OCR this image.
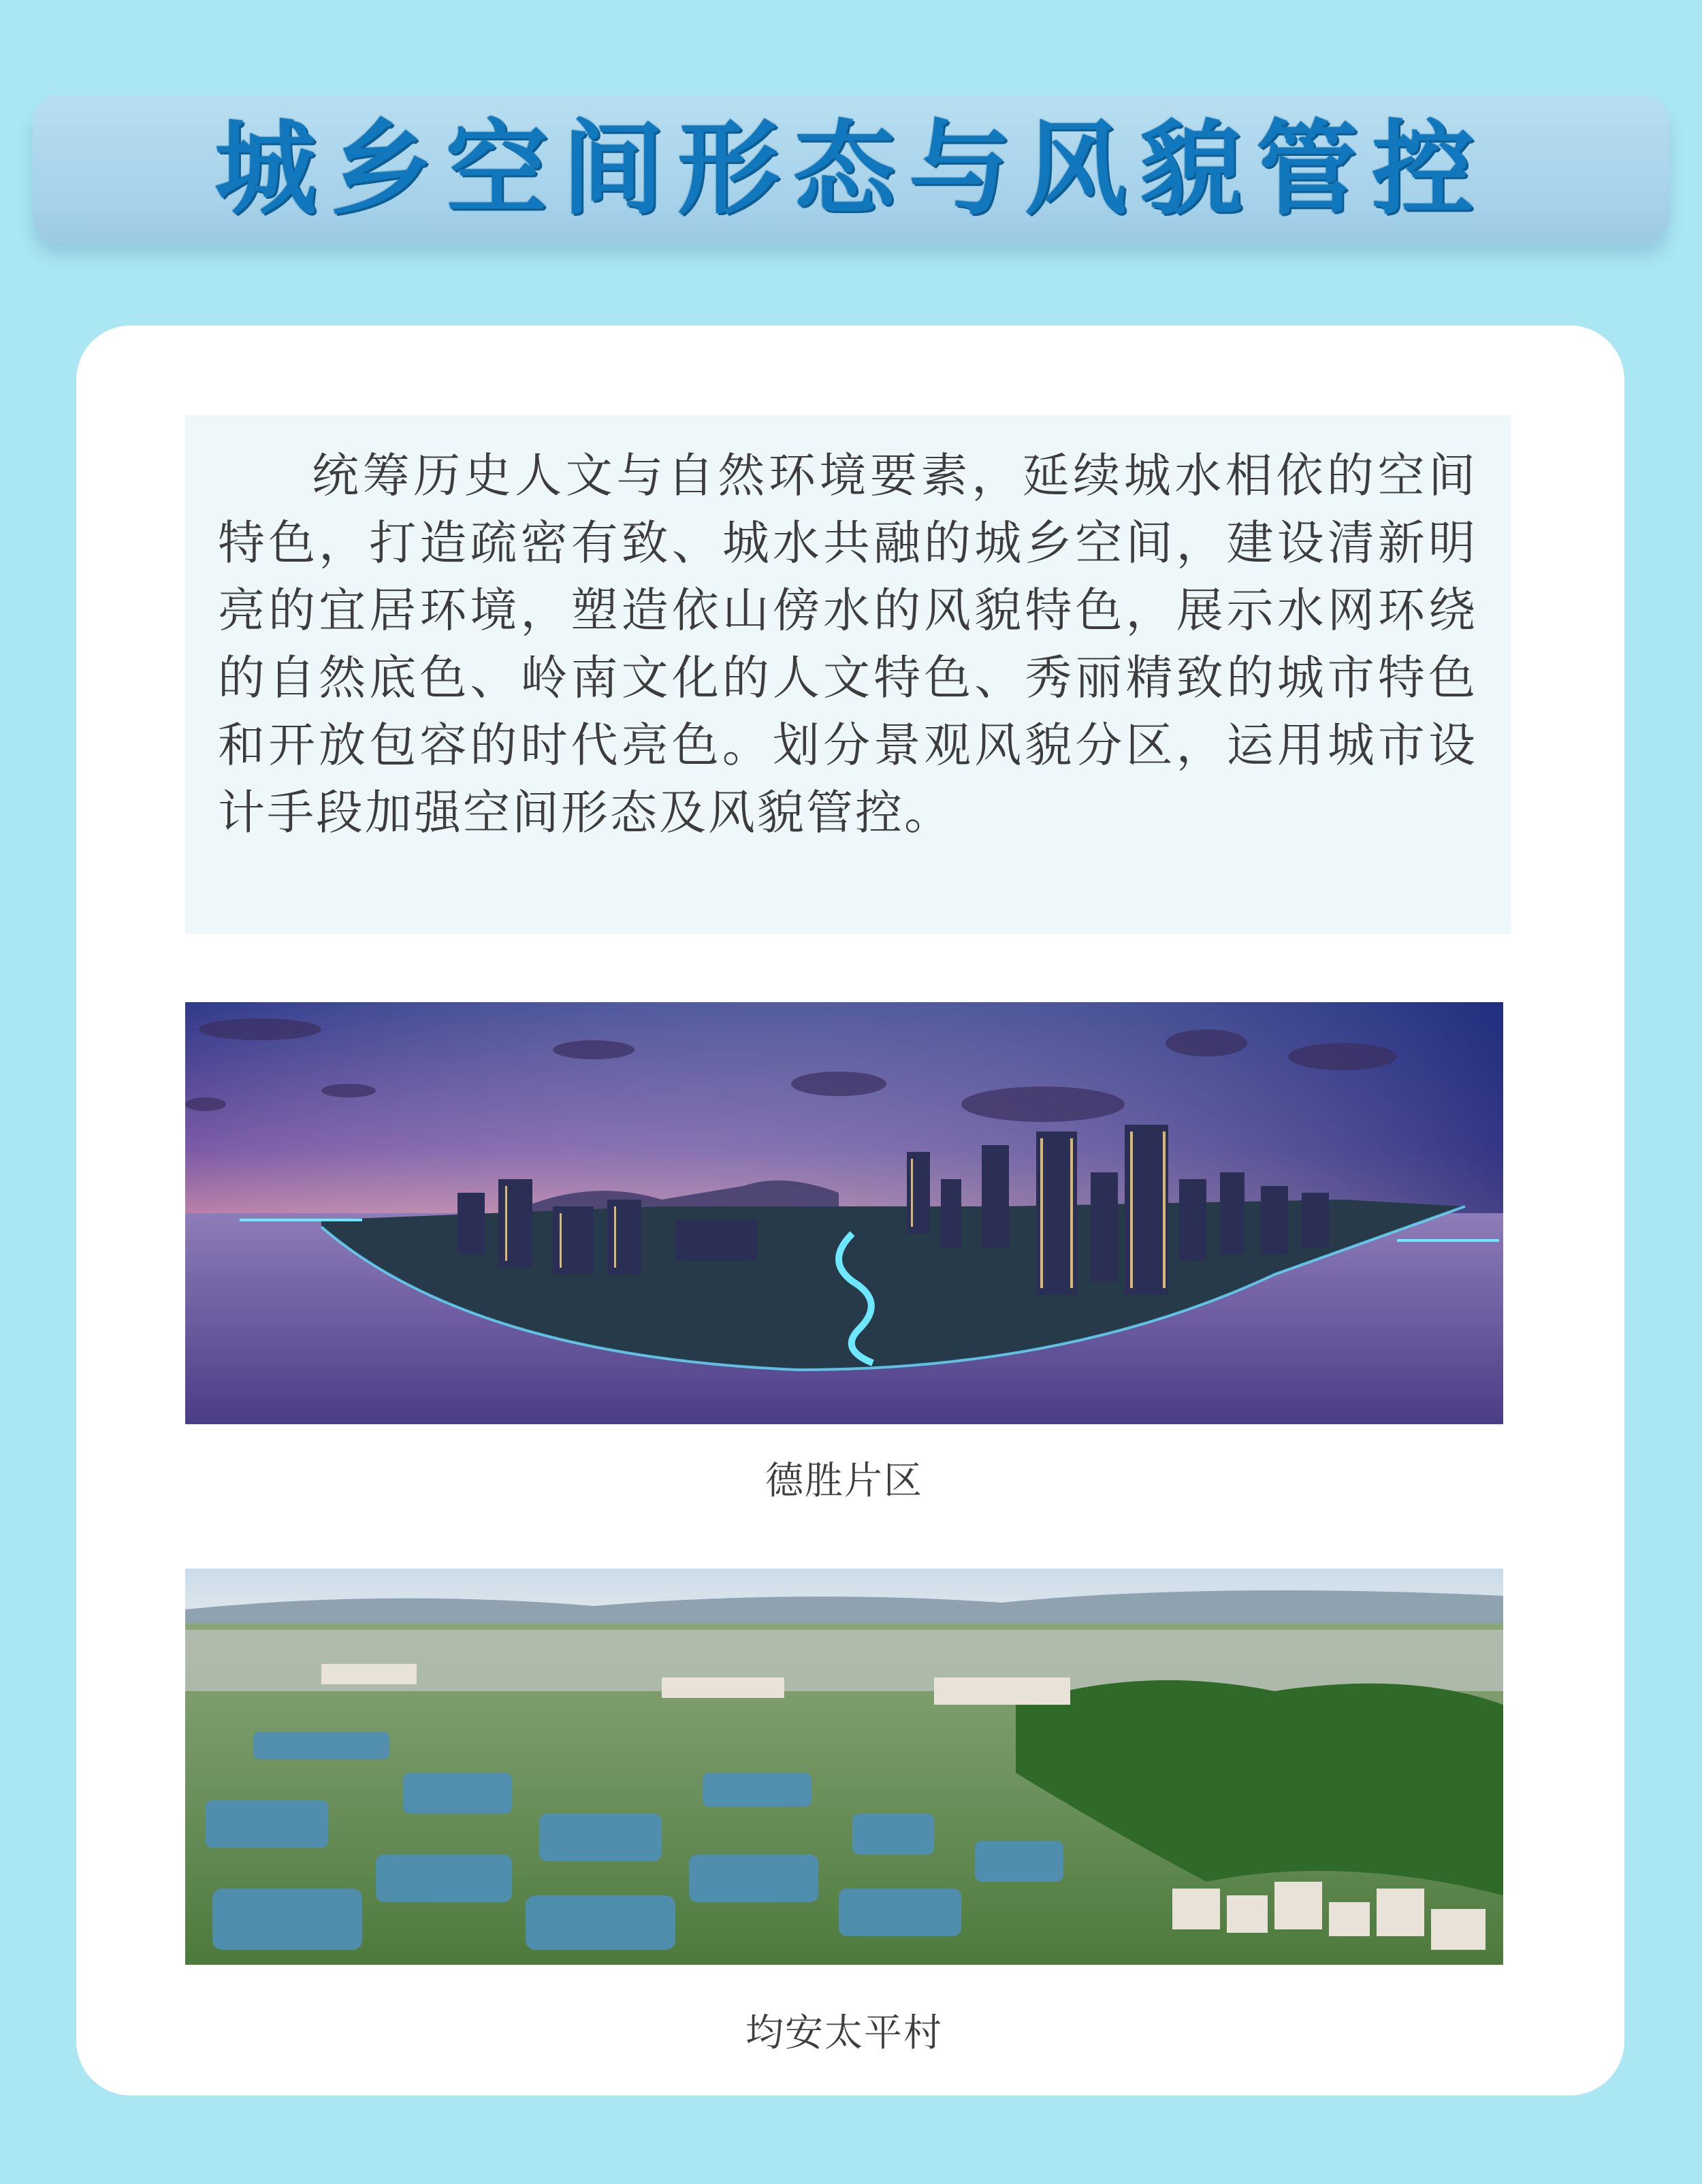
城乡空间形态与风貌管控

统筹历史人文与自然环境要素，延续城水相依的空间特色，打造疏密有致、城水共融的城乡空间，建设清新明亮的宜居环境，塑造依山傍水的风貌特色，展示水网环绕的自然底色、岭南文化的人文特色、秀丽精致的城市特色和开放包容的时代亮色。划分景观风貌分区，运用城市设计手段加强空间形态及风貌管控。

德胜片区
均安太平村
